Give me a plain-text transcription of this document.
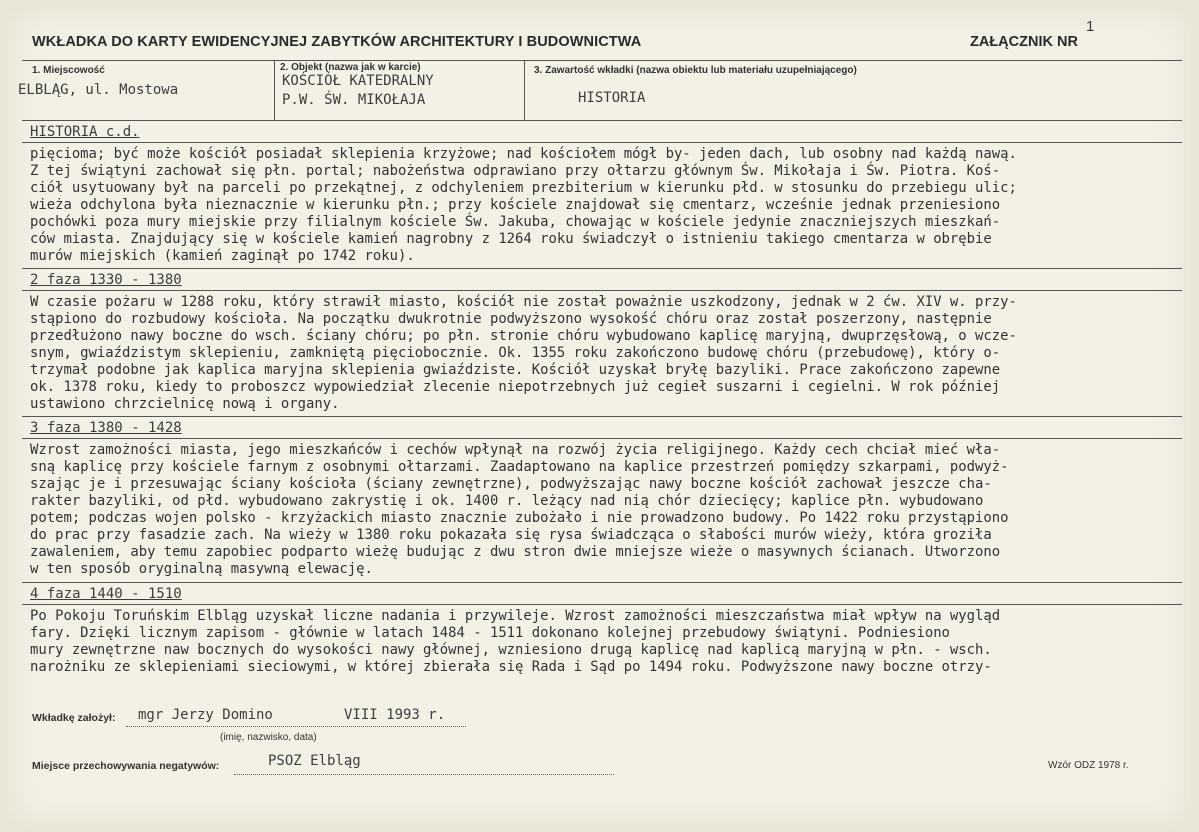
WKŁADKA DO KARTY EWIDENCYJNEJ ZABYTKÓW ARCHITEKTURY I BUDOWNICTWA	ZAŁĄCZNIK NR
1
1. Miejscowość
ELBLĄG, ul. Mostowa
2. Objekt (nazwa jak w karcie)
KOŚCIÓŁ KATEDRALNY
P.W. ŚW. MIKOŁAJA
3. Zawartość wkładki (nazwa obiektu lub materiału uzupełniającego)
HISTORIA
HISTORIA c.d.
pięcioma; być może kościół posiadał sklepienia krzyżowe; nad kościołem mógł by- jeden dach, lub osobny nad każdą nawą.
Z tej świątyni zachował się płn. portal; nabożeństwa odprawiano przy ołtarzu głównym Św. Mikołaja i Św. Piotra. Koś-
ciół usytuowany był na parceli po przekątnej, z odchyleniem prezbiterium w kierunku płd. w stosunku do przebiegu ulic;
wieża odchylona była nieznacznie w kierunku płn.; przy kościele znajdował się cmentarz, wcześnie jednak przeniesiono
pochówki poza mury miejskie przy filialnym kościele Św. Jakuba, chowając w kościele jedynie znaczniejszych mieszkań-
ców miasta. Znajdujący się w kościele kamień nagrobny z 1264 roku świadczył o istnieniu takiego cmentarza w obrębie
murów miejskich (kamień zaginął po 1742 roku).
2 faza 1330 - 1380
W czasie pożaru w 1288 roku, który strawił miasto, kościół nie został poważnie uszkodzony, jednak w 2 ćw. XIV w. przy-
stąpiono do rozbudowy kościoła. Na początku dwukrotnie podwyższono wysokość chóru oraz został poszerzony, następnie
przedłużono nawy boczne do wsch. ściany chóru; po płn. stronie chóru wybudowano kaplicę maryjną, dwuprzęsłową, o wcze-
snym, gwiaździstym sklepieniu, zamkniętą pięciobocznie. Ok. 1355 roku zakończono budowę chóru (przebudowę), który o-
trzymał podobne jak kaplica maryjna sklepienia gwiaździste. Kościół uzyskał bryłę bazyliki. Prace zakończono zapewne
ok. 1378 roku, kiedy to proboszcz wypowiedział zlecenie niepotrzebnych już cegieł suszarni i cegielni. W rok później
ustawiono chrzcielnicę nową i organy.
3 faza 1380 - 1428
Wzrost zamożności miasta, jego mieszkańców i cechów wpłynął na rozwój życia religijnego. Każdy cech chciał mieć wła-
sną kaplicę przy kościele farnym z osobnymi ołtarzami. Zaadaptowano na kaplice przestrzeń pomiędzy szkarpami, podwyż-
szając je i przesuwając ściany kościoła (ściany zewnętrzne), podwyższając nawy boczne kościół zachował jeszcze cha-
rakter bazyliki, od płd. wybudowano zakrystię i ok. 1400 r. leżący nad nią chór dziecięcy; kaplice płn. wybudowano
potem; podczas wojen polsko - krzyżackich miasto znacznie zubożało i nie prowadzono budowy. Po 1422 roku przystąpiono
do prac przy fasadzie zach. Na wieży w 1380 roku pokazała się rysa świadcząca o słabości murów wieży, która groziła
zawaleniem, aby temu zapobiec podparto wieżę budując z dwu stron dwie mniejsze wieże o masywnych ścianach. Utworzono
w ten sposób oryginalną masywną elewację.
4 faza 1440 - 1510
Po Pokoju Toruńskim Elbląg uzyskał liczne nadania i przywileje. Wzrost zamożności mieszczaństwa miał wpływ na wygląd
fary. Dzięki licznym zapisom - głównie w latach 1484 - 1511 dokonano kolejnej przebudowy świątyni. Podniesiono
mury zewnętrzne naw bocznych do wysokości nawy głównej, wzniesiono drugą kaplicę nad kaplicą maryjną w płn. - wsch.
narożniku ze sklepieniami sieciowymi, w której zbierała się Rada i Sąd po 1494 roku. Podwyższone nawy boczne otrzy-
Wkładkę założył: mgr Jerzy Domino	VIII 1993 r.
(imię, nazwisko, data)
Miejsce przechowywania negatywów:	PSOZ Elbląg	Wzór ODZ 1978 r.
